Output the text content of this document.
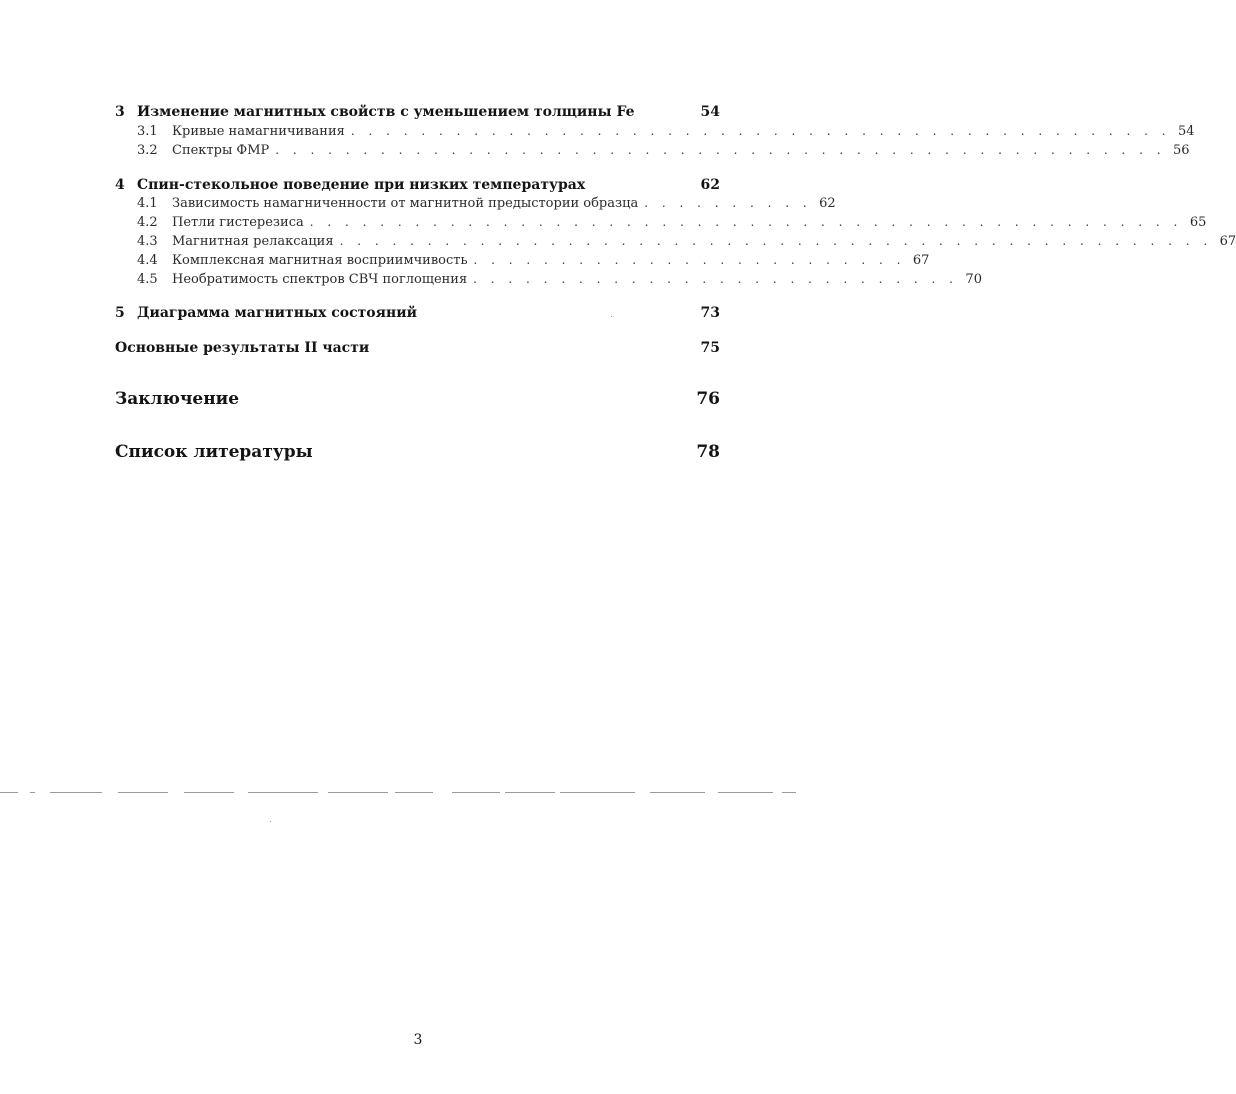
3 Изменение магнитных свойств с уменьшением толщины Fe	54
3.1	Кривые намагничивания . . . . . . . . . . . . . . . . . . . . . . . . . . . . . . . . . . . . . . . . . . . . . . . 54
3.2	Спектры ФМР . . . . . . . . . . . . . . . . . . . . . . . . . . . . . . . . . . . . . . . . . . . . . . . . . . . 56
4 Спин-стекольное поведение при низких температурах	62
4.1	Зависимость намагниченности от магнитной предыстории образца . . . . . . . . . . 62
4.2	Петли гистерезиса . . . . . . . . . . . . . . . . . . . . . . . . . . . . . . . . . . . . . . . . . . . . . . . . . . 65
4.3	Магнитная релаксация . . . . . . . . . . . . . . . . . . . . . . . . . . . . . . . . . . . . . . . . . . . . . . . . . . 67
4.4	Комплексная магнитная восприимчивость . . . . . . . . . . . . . . . . . . . . . . . . . 67
4.5	Необратимость спектров СВЧ поглощения . . . . . . . . . . . . . . . . . . . . . . . . . . . . 70
5 Диаграмма магнитных состояний	73
Основные результаты II части	75
Заключение	76
Список литературы	78
3
